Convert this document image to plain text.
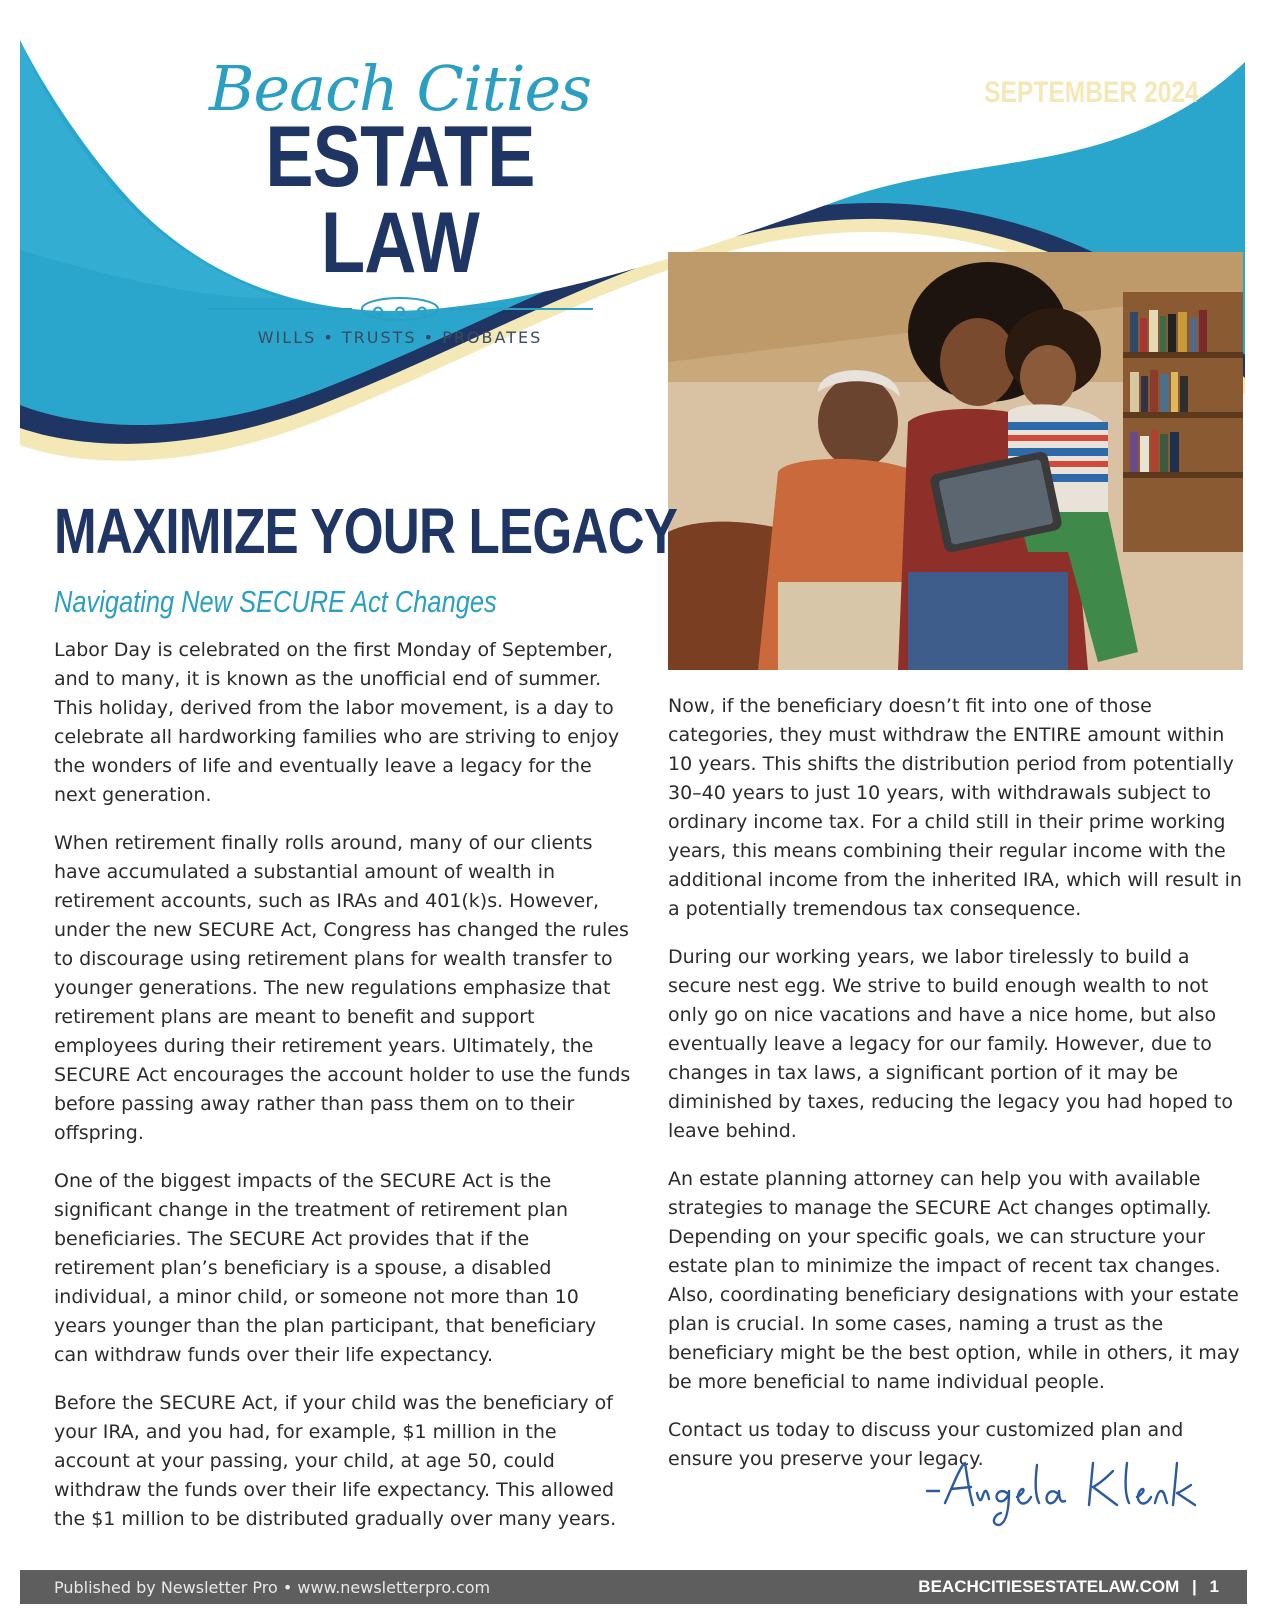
Beach Cities
ESTATE LAW
WILLS • TRUSTS • PROBATES
SEPTEMBER 2024
MAXIMIZE YOUR LEGACY
Navigating New SECURE Act Changes

Labor Day is celebrated on the first Monday of September, and to many, it is known as the unofficial end of summer. This holiday, derived from the labor movement, is a day to celebrate all hardworking families who are striving to enjoy the wonders of life and eventually leave a legacy for the next generation.

When retirement finally rolls around, many of our clients have accumulated a substantial amount of wealth in retirement accounts, such as IRAs and 401(k)s. However, under the new SECURE Act, Congress has changed the rules to discourage using retirement plans for wealth transfer to younger generations. The new regulations emphasize that retirement plans are meant to benefit and support employees during their retirement years. Ultimately, the SECURE Act encourages the account holder to use the funds before passing away rather than pass them on to their offspring.

One of the biggest impacts of the SECURE Act is the significant change in the treatment of retirement plan beneficiaries. The SECURE Act provides that if the retirement plan’s beneficiary is a spouse, a disabled individual, a minor child, or someone not more than 10 years younger than the plan participant, that beneficiary can withdraw funds over their life expectancy.

Before the SECURE Act, if your child was the beneficiary of your IRA, and you had, for example, $1 million in the account at your passing, your child, at age 50, could withdraw the funds over their life expectancy. This allowed the $1 million to be distributed gradually over many years.

Now, if the beneficiary doesn’t fit into one of those categories, they must withdraw the ENTIRE amount within 10 years. This shifts the distribution period from potentially 30–40 years to just 10 years, with withdrawals subject to ordinary income tax. For a child still in their prime working years, this means combining their regular income with the additional income from the inherited IRA, which will result in a potentially tremendous tax consequence.

During our working years, we labor tirelessly to build a secure nest egg. We strive to build enough wealth to not only go on nice vacations and have a nice home, but also eventually leave a legacy for our family. However, due to changes in tax laws, a significant portion of it may be diminished by taxes, reducing the legacy you had hoped to leave behind.

An estate planning attorney can help you with available strategies to manage the SECURE Act changes optimally. Depending on your specific goals, we can structure your estate plan to minimize the impact of recent tax changes. Also, coordinating beneficiary designations with your estate plan is crucial. In some cases, naming a trust as the beneficiary might be the best option, while in others, it may be more beneficial to name individual people.

Contact us today to discuss your customized plan and ensure you preserve your legacy.

Published by Newsletter Pro • www.newsletterpro.com	BEACHCITIESESTATELAW.COM | 1
